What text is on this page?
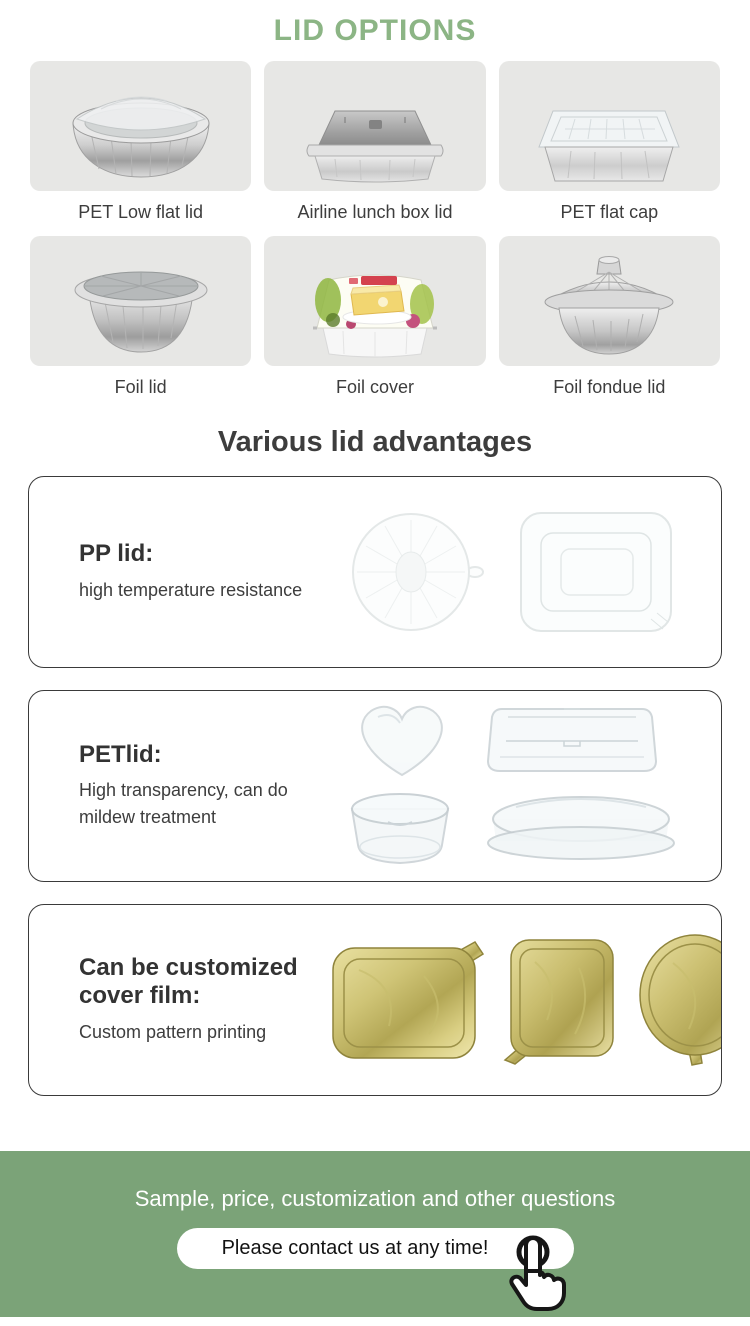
LID OPTIONS
PET Low flat lid	Airline lunch box lid	PET flat cap
Foil lid	Foil cover	Foil fondue lid
Various lid advantages
PP lid:
high temperature resistance
PETlid:
High transparency, can do mildew treatment
Can be customized cover film:
Custom pattern printing
Sample, price, customization and other questions
Please contact us at any time!
